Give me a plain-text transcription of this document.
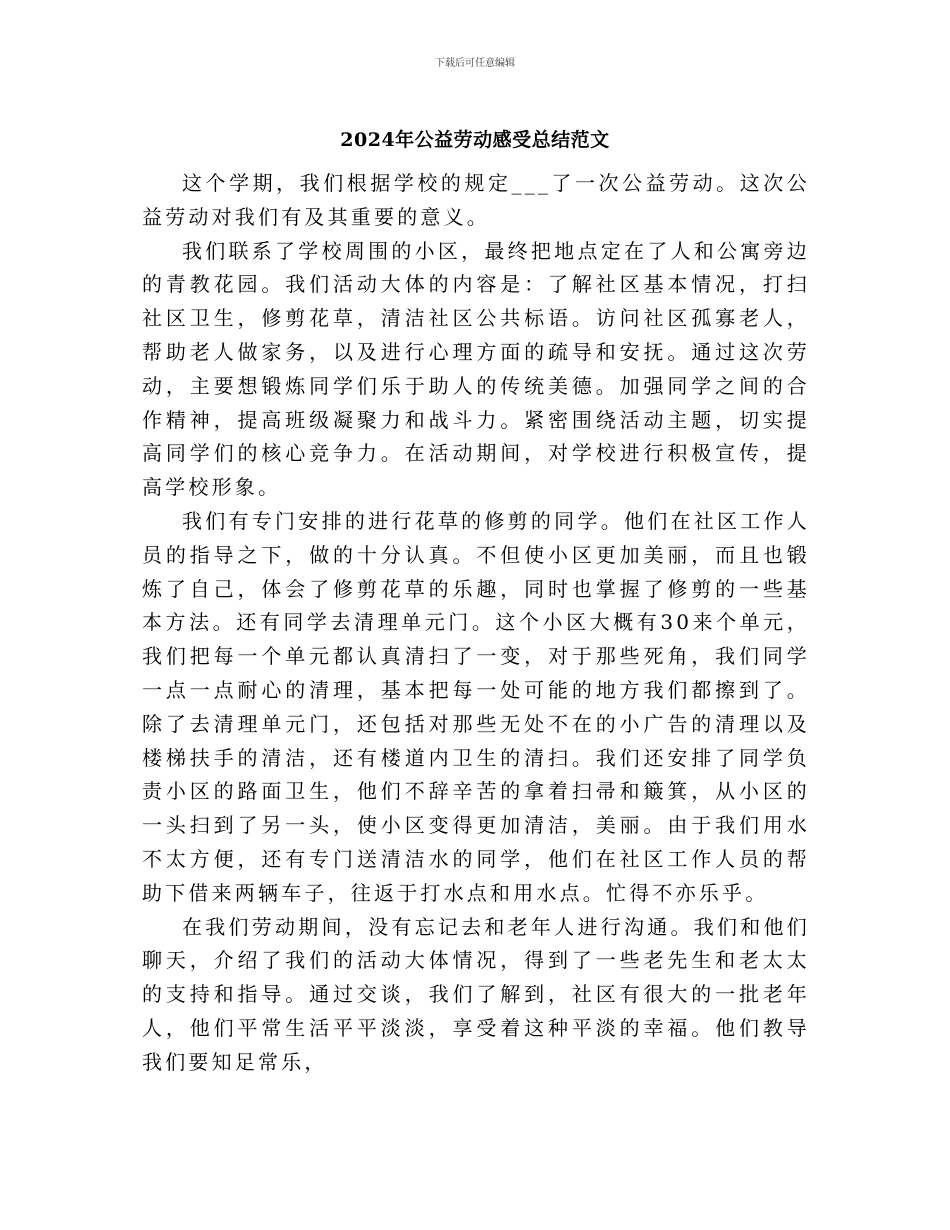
下载后可任意编辑
2024年公益劳动感受总结范文

这个学期，我们根据学校的规定___了一次公益劳动。这次公益劳动对我们有及其重要的意义。

我们联系了学校周围的小区，最终把地点定在了人和公寓旁边的青教花园。我们活动大体的内容是：了解社区基本情况，打扫社区卫生，修剪花草，清洁社区公共标语。访问社区孤寡老人，帮助老人做家务，以及进行心理方面的疏导和安抚。通过这次劳动，主要想锻炼同学们乐于助人的传统美德。加强同学之间的合作精神，提高班级凝聚力和战斗力。紧密围绕活动主题，切实提高同学们的核心竞争力。在活动期间，对学校进行积极宣传，提高学校形象。

我们有专门安排的进行花草的修剪的同学。他们在社区工作人员的指导之下，做的十分认真。不但使小区更加美丽，而且也锻炼了自己，体会了修剪花草的乐趣，同时也掌握了修剪的一些基本方法。还有同学去清理单元门。这个小区大概有30来个单元，我们把每一个单元都认真清扫了一变，对于那些死角，我们同学一点一点耐心的清理，基本把每一处可能的地方我们都擦到了。除了去清理单元门，还包括对那些无处不在的小广告的清理以及楼梯扶手的清洁，还有楼道内卫生的清扫。我们还安排了同学负责小区的路面卫生，他们不辞辛苦的拿着扫帚和簸箕，从小区的一头扫到了另一头，使小区变得更加清洁，美丽。由于我们用水不太方便，还有专门送清洁水的同学，他们在社区工作人员的帮助下借来两辆车子，往返于打水点和用水点。忙得不亦乐乎。

在我们劳动期间，没有忘记去和老年人进行沟通。我们和他们聊天，介绍了我们的活动大体情况，得到了一些老先生和老太太的支持和指导。通过交谈，我们了解到，社区有很大的一批老年人，他们平常生活平平淡淡，享受着这种平淡的幸福。他们教导我们要知足常乐，
